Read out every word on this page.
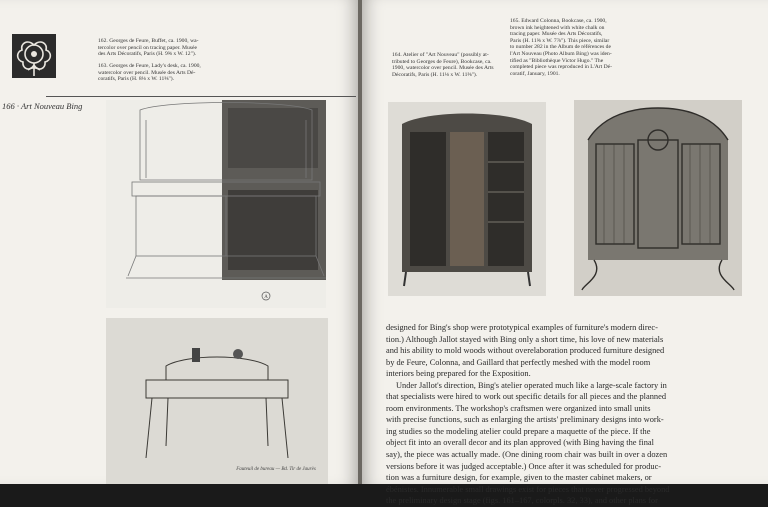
162. Georges de Feure, Buffet, ca. 1900, wa-
tercolor over pencil on tracing paper. Musée
des Arts Décoratifs, Paris (H. 9⅝ x W. 12").
163. Georges de Feure, Lady's desk, ca. 1900,
watercolor over pencil. Musée des Arts Dé-
coratifs, Paris (H. 8⅛ x W. 11⅝").
166 · Art Nouveau Bing
A
Fauteuil de bureau — Bd. Tir de Jaurès
164. Atelier of "Art Nouveau" (possibly at-
tributed to Georges de Feure), Bookcase, ca.
1900, watercolor over pencil. Musée des Arts
Décoratifs, Paris (H. 11⅛ x W. 11⅝").
165. Edward Colonna, Bookcase, ca. 1900,
brown ink heightened with white chalk on
tracing paper. Musée des Arts Décoratifs,
Paris (H. 11⅝ x W. 7⅞"). This piece, similar
to number 282 in the Album de références de
l'Art Nouveau (Photo Album Bing) was iden-
tified as "Bibliothèque Victor Hugo." The
completed piece was reproduced in L'Art Dé-
coratif, January, 1901.
designed for Bing's shop were prototypical examples of furniture's modern direc-
tion.) Although Jallot stayed with Bing only a short time, his love of new materials
and his ability to mold woods without overelaboration produced furniture designed
by de Feure, Colonna, and Gaillard that perfectly meshed with the model room
interiors being prepared for the Exposition.
Under Jallot's direction, Bing's atelier operated much like a large-scale factory in
that specialists were hired to work out specific details for all pieces and the planned
room environments. The workshop's craftsmen were organized into small units
with precise functions, such as enlarging the artists' preliminary designs into work-
ing studies so the modeling atelier could prepare a maquette of the piece. If the
object fit into an overall decor and its plan approved (with Bing having the final
say), the piece was actually made. (One dining room chair was built in over a dozen
versions before it was judged acceptable.) Once after it was scheduled for produc-
tion was a furniture design, for example, given to the master cabinet makers, or
ébénistes. Innumerable small drawings exist for pieces that never progressed beyond
the preliminary design stage (figs. 161–167, colorpls. 32, 33), and other plans for
